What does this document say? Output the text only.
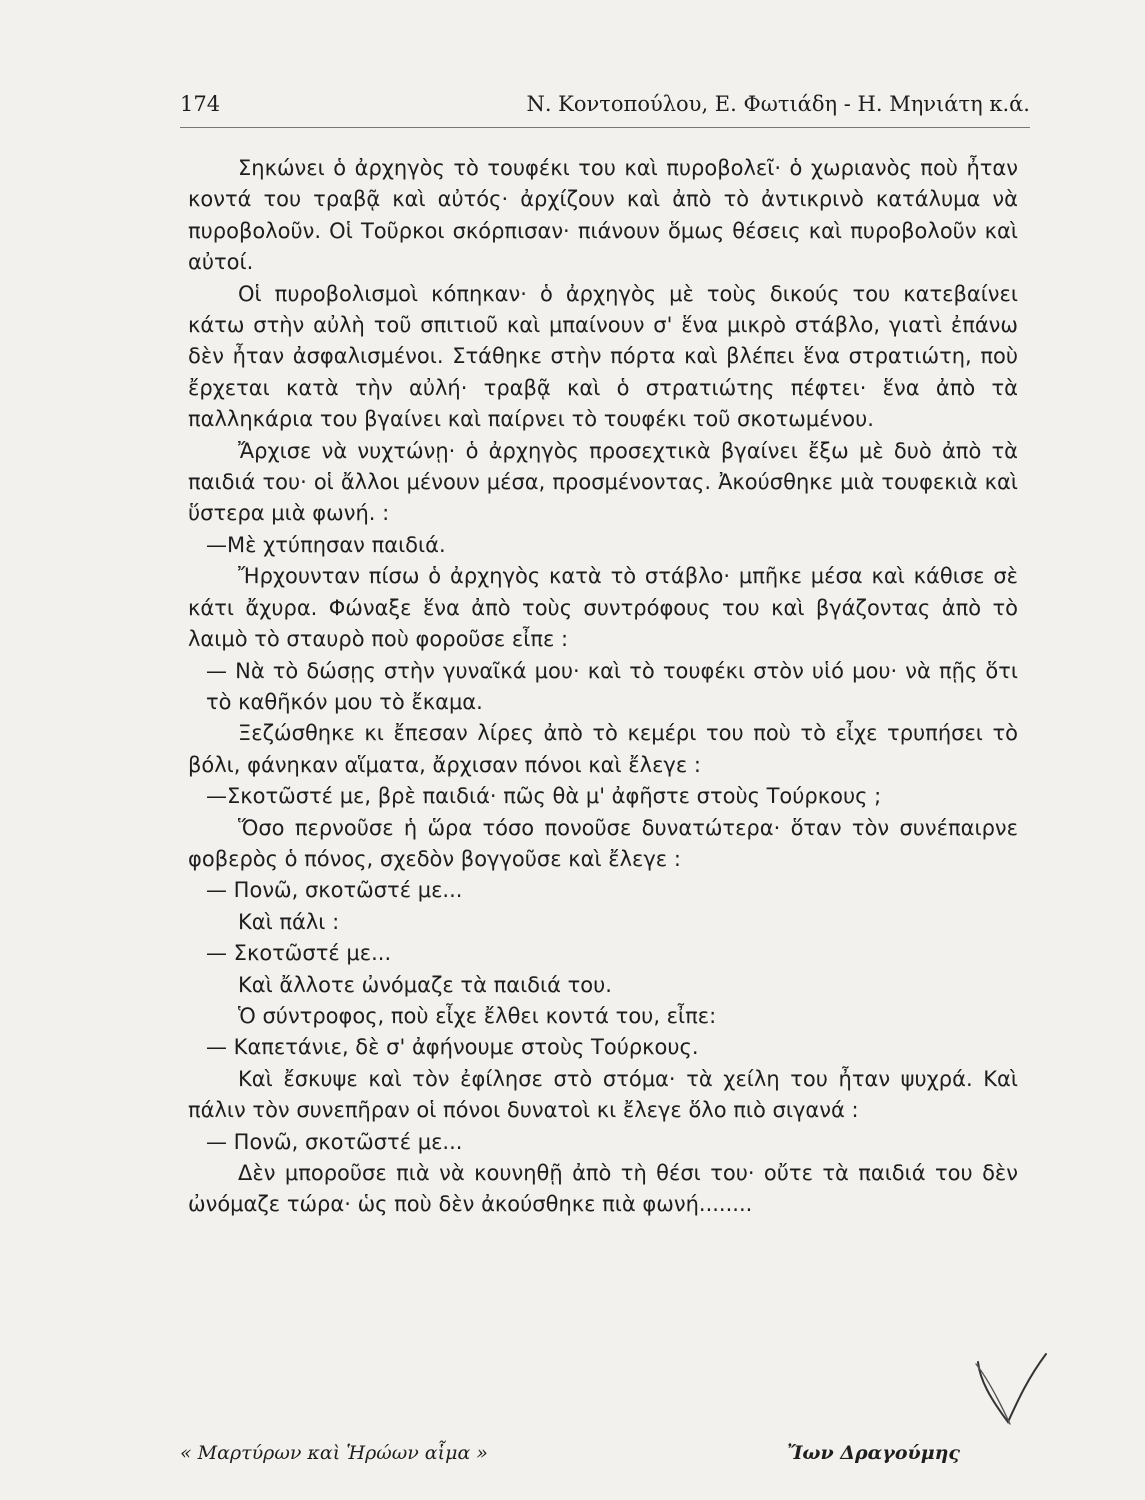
174	Ν. Κοντοπούλου, Ε. Φωτιάδη - Η. Μηνιάτη κ.ά.

Σηκώνει ὁ ἀρχηγὸς τὸ τουφέκι του καὶ πυροβολεῖ· ὁ χωριανὸς ποὺ ἦταν κοντά του τραβᾷ καὶ αὐτός· ἀρχίζουν καὶ ἀπὸ τὸ ἀντικρινὸ κατάλυμα νὰ πυροβολοῦν. Οἱ Τοῦρκοι σκόρπισαν· πιάνουν ὅμως θέσεις καὶ πυροβολοῦν καὶ αὐτοί.

Οἱ πυροβολισμοὶ κόπηκαν· ὁ ἀρχηγὸς μὲ τοὺς δικούς του κατεβαίνει κάτω στὴν αὐλὴ τοῦ σπιτιοῦ καὶ μπαίνουν σ' ἕνα μικρὸ στάβλο, γιατὶ ἐπάνω δὲν ἦταν ἀσφαλισμένοι. Στάθηκε στὴν πόρτα καὶ βλέπει ἕνα στρατιώτη, ποὺ ἔρχεται κατὰ τὴν αὐλή· τραβᾷ καὶ ὁ στρατιώτης πέφτει· ἕνα ἀπὸ τὰ παλληκάρια του βγαίνει καὶ παίρνει τὸ τουφέκι τοῦ σκοτωμένου.

Ἄρχισε νὰ νυχτώνῃ· ὁ ἀρχηγὸς προσεχτικὰ βγαίνει ἔξω μὲ δυὸ ἀπὸ τὰ παιδιά του· οἱ ἄλλοι μένουν μέσα, προσμένοντας. Ἀκούσθηκε μιὰ τουφεκιὰ καὶ ὕστερα μιὰ φωνή. :

—Μὲ χτύπησαν παιδιά.

Ἤρχουνταν πίσω ὁ ἀρχηγὸς κατὰ τὸ στάβλο· μπῆκε μέσα καὶ κάθισε σὲ κάτι ἄχυρα. Φώναξε ἕνα ἀπὸ τοὺς συντρόφους του καὶ βγάζοντας ἀπὸ τὸ λαιμὸ τὸ σταυρὸ ποὺ φοροῦσε εἶπε :

— Νὰ τὸ δώσῃς στὴν γυναῖκά μου· καὶ τὸ τουφέκι στὸν υἱό μου· νὰ πῇς ὅτι τὸ καθῆκόν μου τὸ ἔκαμα.

Ξεζώσθηκε κι ἔπεσαν λίρες ἀπὸ τὸ κεμέρι του ποὺ τὸ εἶχε τρυπήσει τὸ βόλι, φάνηκαν αἵματα, ἄρχισαν πόνοι καὶ ἔλεγε :

—Σκοτῶστέ με, βρὲ παιδιά· πῶς θὰ μ' ἀφῆστε στοὺς Τούρκους ;

Ὅσο περνοῦσε ἡ ὥρα τόσο πονοῦσε δυνατώτερα· ὅταν τὸν συνέπαιρνε φοβερὸς ὁ πόνος, σχεδὸν βογγοῦσε καὶ ἔλεγε :

— Πονῶ, σκοτῶστέ με...

Καὶ πάλι :

— Σκοτῶστέ με...

Καὶ ἄλλοτε ὠνόμαζε τὰ παιδιά του.

Ὁ σύντροφος, ποὺ εἶχε ἔλθει κοντά του, εἶπε:

— Καπετάνιε, δὲ σ' ἀφήνουμε στοὺς Τούρκους.

Καὶ ἔσκυψε καὶ τὸν ἐφίλησε στὸ στόμα· τὰ χείλη του ἦταν ψυχρά. Καὶ πάλιν τὸν συνεπῆραν οἱ πόνοι δυνατοὶ κι ἔλεγε ὅλο πιὸ σιγανά :

— Πονῶ, σκοτῶστέ με...

Δὲν μποροῦσε πιὰ νὰ κουνηθῇ ἀπὸ τὴ θέσι του· οὔτε τὰ παιδιά του δὲν ὠνόμαζε τώρα· ὡς ποὺ δὲν ἀκούσθηκε πιὰ φωνή........

« Μαρτύρων καὶ Ἡρώων αἷμα »	Ἴων Δραγούμης
